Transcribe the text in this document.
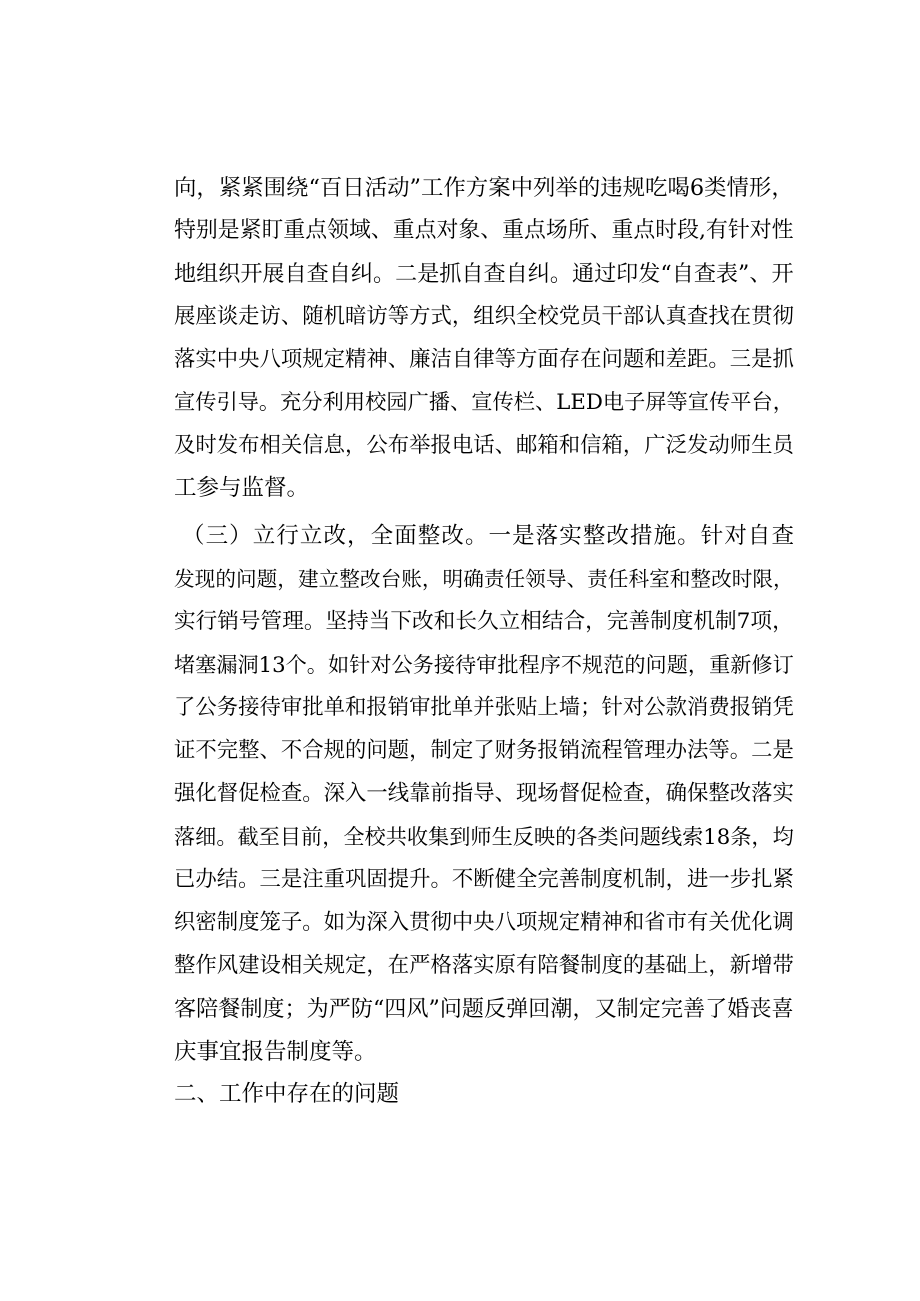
向，紧紧围绕“百日活动”工作方案中列举的违规吃喝6类情形，
特别是紧盯重点领域、重点对象、重点场所、重点时段,有针对性
地组织开展自查自纠。二是抓自查自纠。通过印发“自查表”、开
展座谈走访、随机暗访等方式，组织全校党员干部认真查找在贯彻
落实中央八项规定精神、廉洁自律等方面存在问题和差距。三是抓
宣传引导。充分利用校园广播、宣传栏、LED电子屏等宣传平台，
及时发布相关信息，公布举报电话、邮箱和信箱，广泛发动师生员
工参与监督。
（三）立行立改，全面整改。一是落实整改措施。针对自查
发现的问题，建立整改台账，明确责任领导、责任科室和整改时限，
实行销号管理。坚持当下改和长久立相结合，完善制度机制7项，
堵塞漏洞13个。如针对公务接待审批程序不规范的问题，重新修订
了公务接待审批单和报销审批单并张贴上墙；针对公款消费报销凭
证不完整、不合规的问题，制定了财务报销流程管理办法等。二是
强化督促检查。深入一线靠前指导、现场督促检查，确保整改落实
落细。截至目前，全校共收集到师生反映的各类问题线索18条，均
已办结。三是注重巩固提升。不断健全完善制度机制，进一步扎紧
织密制度笼子。如为深入贯彻中央八项规定精神和省市有关优化调
整作风建设相关规定，在严格落实原有陪餐制度的基础上，新增带
客陪餐制度；为严防“四风”问题反弹回潮，又制定完善了婚丧喜
庆事宜报告制度等。
二、工作中存在的问题
